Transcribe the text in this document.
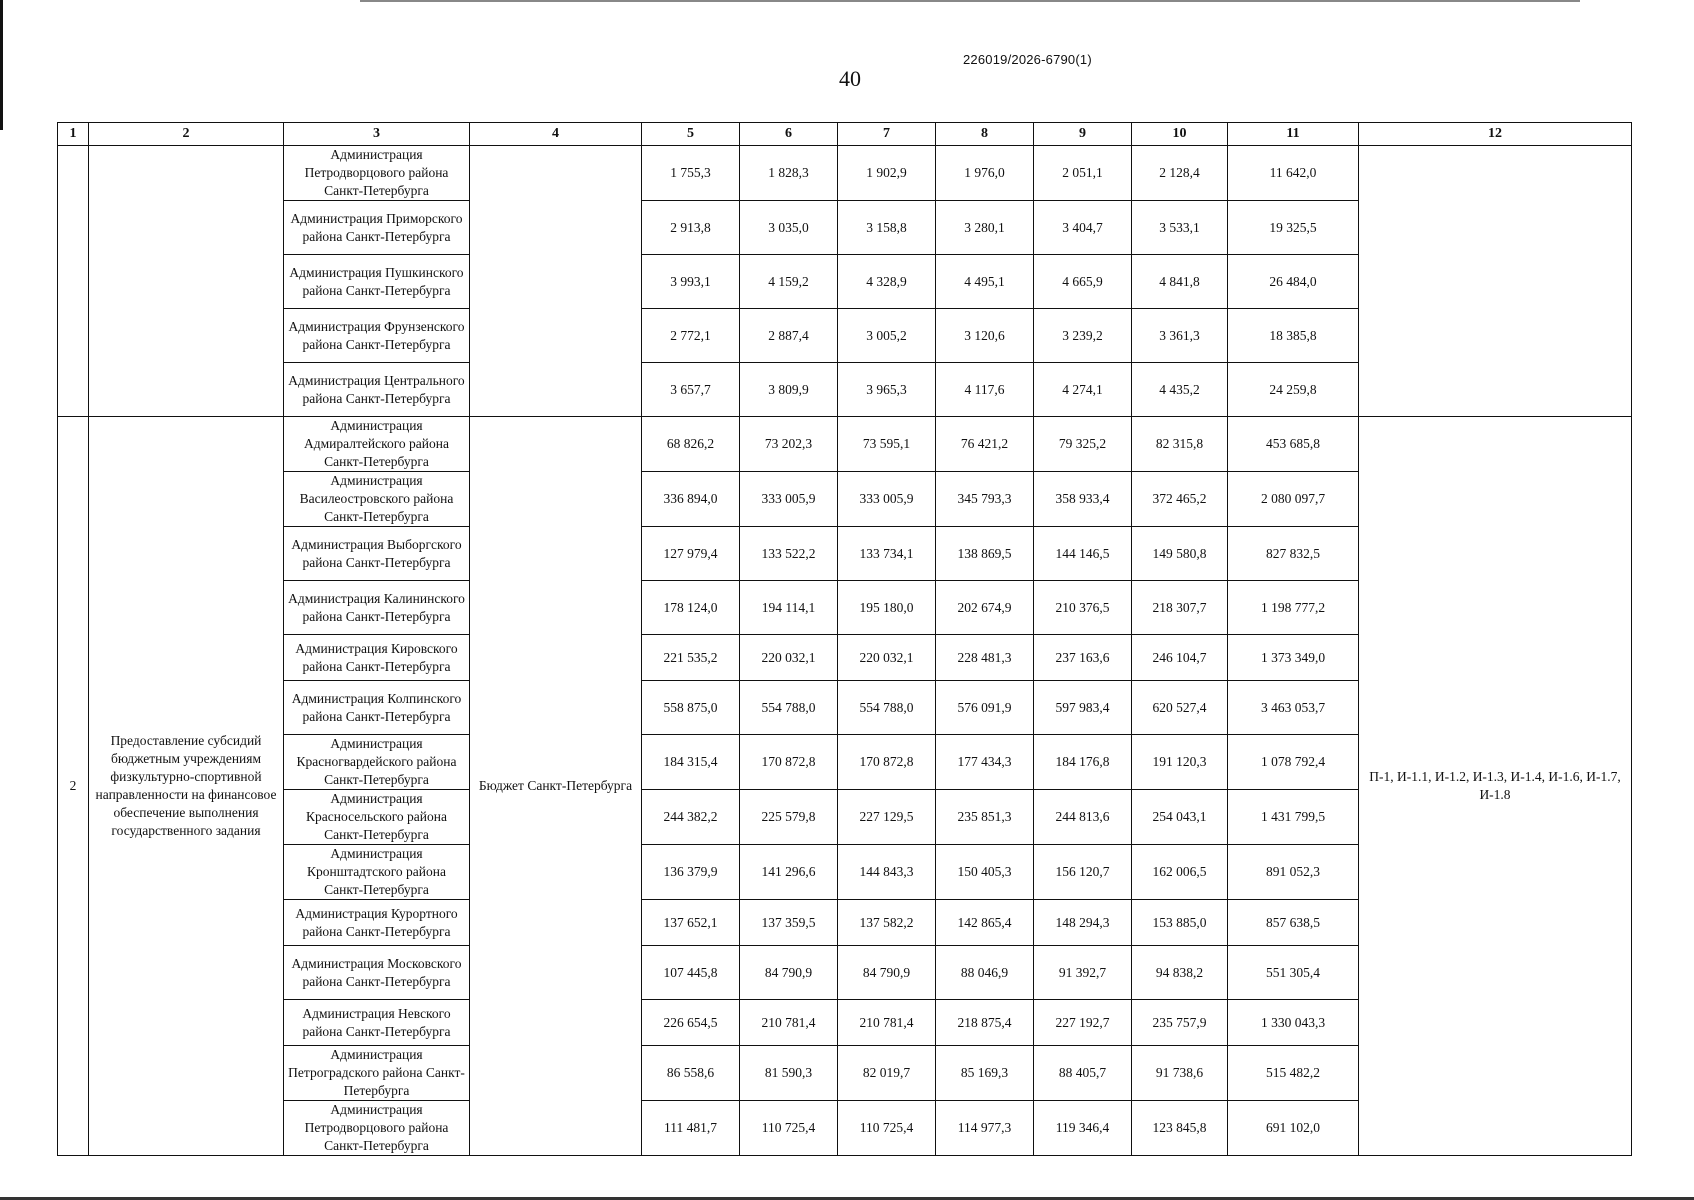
226019/2026-6790(1)
40
1	2	3	4	5	6	7	8	9	10	11	12
		Администрация Петродворцового района Санкт-Петербурга		1 755,3	1 828,3	1 902,9	1 976,0	2 051,1	2 128,4	11 642,0	
		Администрация Приморского района Санкт-Петербурга		2 913,8	3 035,0	3 158,8	3 280,1	3 404,7	3 533,1	19 325,5	
		Администрация Пушкинского района Санкт-Петербурга		3 993,1	4 159,2	4 328,9	4 495,1	4 665,9	4 841,8	26 484,0	
		Администрация Фрунзенского района Санкт-Петербурга		2 772,1	2 887,4	3 005,2	3 120,6	3 239,2	3 361,3	18 385,8	
		Администрация Центрального района Санкт-Петербурга		3 657,7	3 809,9	3 965,3	4 117,6	4 274,1	4 435,2	24 259,8	
2	Предоставление субсидий бюджетным учреждениям физкультурно-спортивной направленности на финансовое обеспечение выполнения государственного задания	Администрация Адмиралтейского района Санкт-Петербурга	Бюджет Санкт-Петербурга	68 826,2	73 202,3	73 595,1	76 421,2	79 325,2	82 315,8	453 685,8	П-1, И-1.1, И-1.2, И-1.3, И-1.4, И-1.6, И-1.7, И-1.8
		Администрация Василеостровского района Санкт-Петербурга		336 894,0	333 005,9	333 005,9	345 793,3	358 933,4	372 465,2	2 080 097,7	
		Администрация Выборгского района Санкт-Петербурга		127 979,4	133 522,2	133 734,1	138 869,5	144 146,5	149 580,8	827 832,5	
		Администрация Калининского района Санкт-Петербурга		178 124,0	194 114,1	195 180,0	202 674,9	210 376,5	218 307,7	1 198 777,2	
		Администрация Кировского района Санкт-Петербурга		221 535,2	220 032,1	220 032,1	228 481,3	237 163,6	246 104,7	1 373 349,0	
		Администрация Колпинского района Санкт-Петербурга		558 875,0	554 788,0	554 788,0	576 091,9	597 983,4	620 527,4	3 463 053,7	
		Администрация Красногвардейского района Санкт-Петербурга		184 315,4	170 872,8	170 872,8	177 434,3	184 176,8	191 120,3	1 078 792,4	
		Администрация Красносельского района Санкт-Петербурга		244 382,2	225 579,8	227 129,5	235 851,3	244 813,6	254 043,1	1 431 799,5	
		Администрация Кронштадтского района Санкт-Петербурга		136 379,9	141 296,6	144 843,3	150 405,3	156 120,7	162 006,5	891 052,3	
		Администрация Курортного района Санкт-Петербурга		137 652,1	137 359,5	137 582,2	142 865,4	148 294,3	153 885,0	857 638,5	
		Администрация Московского района Санкт-Петербурга		107 445,8	84 790,9	84 790,9	88 046,9	91 392,7	94 838,2	551 305,4	
		Администрация Невского района Санкт-Петербурга		226 654,5	210 781,4	210 781,4	218 875,4	227 192,7	235 757,9	1 330 043,3	
		Администрация Петроградского района Санкт-Петербурга		86 558,6	81 590,3	82 019,7	85 169,3	88 405,7	91 738,6	515 482,2	
		Администрация Петродворцового района Санкт-Петербурга		111 481,7	110 725,4	110 725,4	114 977,3	119 346,4	123 845,8	691 102,0	
